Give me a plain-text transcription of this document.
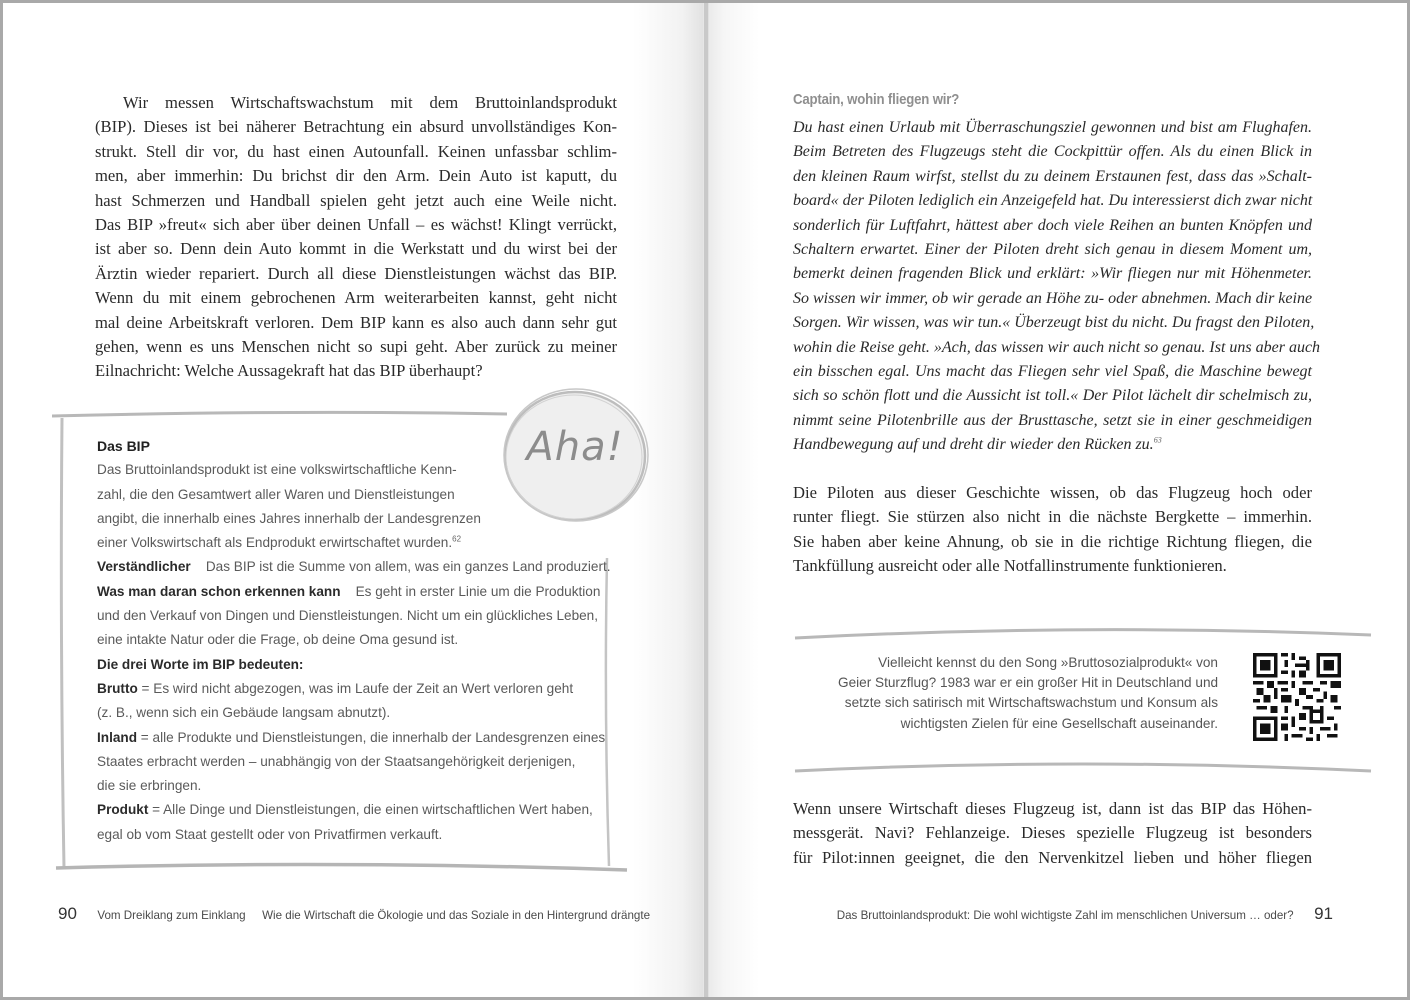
Wir messen Wirtschaftswachstum mit dem Bruttoinlandsprodukt
(BIP). Dieses ist bei näherer Betrachtung ein absurd unvollständiges Kon-
strukt. Stell dir vor, du hast einen Autounfall. Keinen unfassbar schlim-
men, aber immerhin: Du brichst dir den Arm. Dein Auto ist kaputt, du
hast Schmerzen und Handball spielen geht jetzt auch eine Weile nicht.
Das BIP »freut« sich aber über deinen Unfall – es wächst! Klingt verrückt,
ist aber so. Denn dein Auto kommt in die Werkstatt und du wirst bei der
Ärztin wieder repariert. Durch all diese Dienstleistungen wächst das BIP.
Wenn du mit einem gebrochenen Arm weiterarbeiten kannst, geht nicht
mal deine Arbeitskraft verloren. Dem BIP kann es also auch dann sehr gut
gehen, wenn es uns Menschen nicht so supi geht. Aber zurück zu meiner
Eilnachricht: Welche Aussagekraft hat das BIP überhaupt?
Das BIP
Das Bruttoinlandsprodukt ist eine volkswirtschaftliche Kenn-
zahl, die den Gesamtwert aller Waren und Dienstleistungen
angibt, die innerhalb eines Jahres innerhalb der Landesgrenzen
einer Volkswirtschaft als Endprodukt erwirtschaftet wurden.$^{62}$
Verständlicher Das BIP ist die Summe von allem, was ein ganzes Land produziert.
Was man daran schon erkennen kann Es geht in erster Linie um die Produktion
und den Verkauf von Dingen und Dienstleistungen. Nicht um ein glückliches Leben,
eine intakte Natur oder die Frage, ob deine Oma gesund ist.
Die drei Worte im BIP bedeuten:
Brutto = Es wird nicht abgezogen, was im Laufe der Zeit an Wert verloren geht
(z. B., wenn sich ein Gebäude langsam abnutzt).
Inland = alle Produkte und Dienstleistungen, die innerhalb der Landesgrenzen eines
Staates erbracht werden – unabhängig von der Staatsangehörigkeit derjenigen,
die sie erbringen.
Produkt = Alle Dinge und Dienstleistungen, die einen wirtschaftlichen Wert haben,
egal ob vom Staat gestellt oder von Privatfirmen verkauft.
Aha!
90 Vom Dreiklang zum Einklang Wie die Wirtschaft die Ökologie und das Soziale in den Hintergrund drängte
Captain, wohin fliegen wir?
Du hast einen Urlaub mit Überraschungsziel gewonnen und bist am Flughafen.
Beim Betreten des Flugzeugs steht die Cockpittür offen. Als du einen Blick in
den kleinen Raum wirfst, stellst du zu deinem Erstaunen fest, dass das »Schalt-
board« der Piloten lediglich ein Anzeigefeld hat. Du interessierst dich zwar nicht
sonderlich für Luftfahrt, hättest aber doch viele Reihen an bunten Knöpfen und
Schaltern erwartet. Einer der Piloten dreht sich genau in diesem Moment um,
bemerkt deinen fragenden Blick und erklärt: »Wir fliegen nur mit Höhenmeter.
So wissen wir immer, ob wir gerade an Höhe zu- oder abnehmen. Mach dir keine
Sorgen. Wir wissen, was wir tun.« Überzeugt bist du nicht. Du fragst den Piloten,
wohin die Reise geht. »Ach, das wissen wir auch nicht so genau. Ist uns aber auch
ein bisschen egal. Uns macht das Fliegen sehr viel Spaß, die Maschine bewegt
sich so schön flott und die Aussicht ist toll.« Der Pilot lächelt dir schelmisch zu,
nimmt seine Pilotenbrille aus der Brusttasche, setzt sie in einer geschmeidigen
Handbewegung auf und dreht dir wieder den Rücken zu.$^{63}$
Die Piloten aus dieser Geschichte wissen, ob das Flugzeug hoch oder
runter fliegt. Sie stürzen also nicht in die nächste Bergkette – immerhin.
Sie haben aber keine Ahnung, ob sie in die richtige Richtung fliegen, die
Tankfüllung ausreicht oder alle Notfallinstrumente funktionieren.
Vielleicht kennst du den Song »Bruttosozialprodukt« von
Geier Sturzflug? 1983 war er ein großer Hit in Deutschland und
setzte sich satirisch mit Wirtschaftswachstum und Konsum als
wichtigsten Zielen für eine Gesellschaft auseinander.
Wenn unsere Wirtschaft dieses Flugzeug ist, dann ist das BIP das Höhen-
messgerät. Navi? Fehlanzeige. Dieses spezielle Flugzeug ist besonders
für Pilot:innen geeignet, die den Nervenkitzel lieben und höher fliegen
Das Bruttoinlandsprodukt: Die wohl wichtigste Zahl im menschlichen Universum … oder? 91
